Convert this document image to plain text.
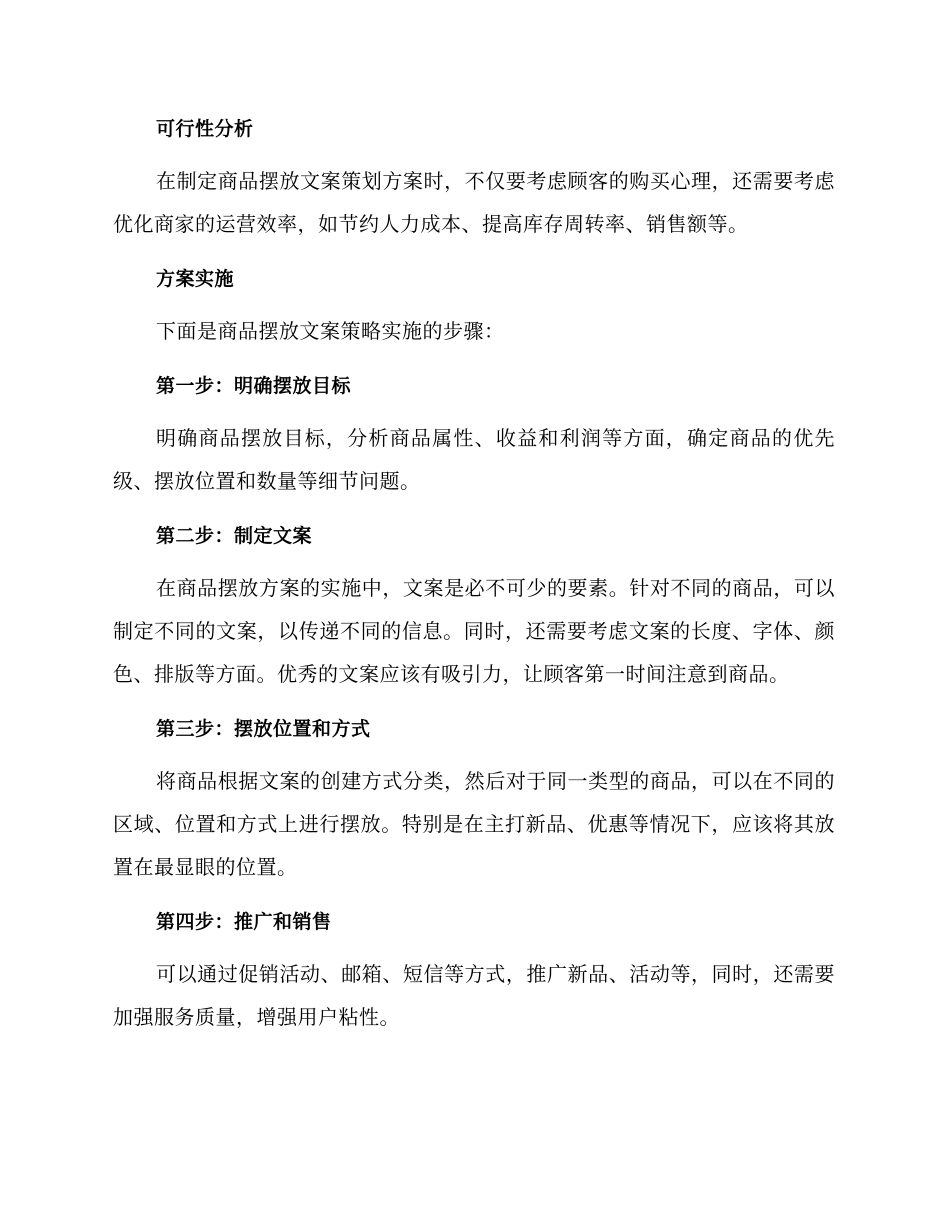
可行性分析

在制定商品摆放文案策划方案时，不仅要考虑顾客的购买心理，还需要考虑优化商家的运营效率，如节约人力成本、提高库存周转率、销售额等。

方案实施

下面是商品摆放文案策略实施的步骤：

第一步：明确摆放目标

明确商品摆放目标，分析商品属性、收益和利润等方面，确定商品的优先级、摆放位置和数量等细节问题。

第二步：制定文案

在商品摆放方案的实施中，文案是必不可少的要素。针对不同的商品，可以制定不同的文案，以传递不同的信息。同时，还需要考虑文案的长度、字体、颜色、排版等方面。优秀的文案应该有吸引力，让顾客第一时间注意到商品。

第三步：摆放位置和方式

将商品根据文案的创建方式分类，然后对于同一类型的商品，可以在不同的区域、位置和方式上进行摆放。特别是在主打新品、优惠等情况下，应该将其放置在最显眼的位置。

第四步：推广和销售

可以通过促销活动、邮箱、短信等方式，推广新品、活动等，同时，还需要加强服务质量，增强用户粘性。
